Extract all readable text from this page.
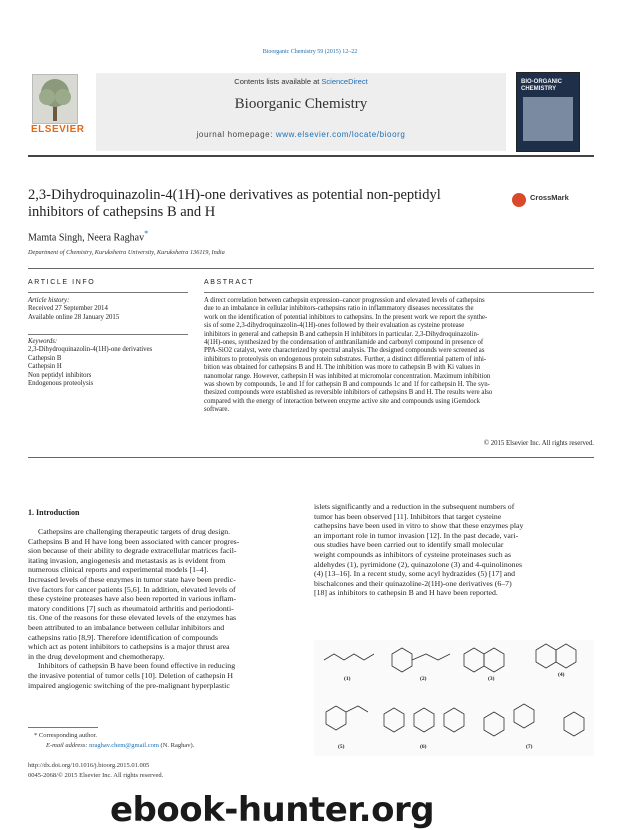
Bioorganic Chemistry 59 (2015) 12–22
ELSEVIER
Contents lists available at ScienceDirect
Bioorganic Chemistry
journal homepage: www.elsevier.com/locate/bioorg
BIO-ORGANIC CHEMISTRY
2,3-Dihydroquinazolin-4(1H)-one derivatives as potential non-peptidyl
inhibitors of cathepsins B and H
CrossMark
Mamta Singh, Neera Raghav*
Department of Chemistry, Kurukshetra University, Kurukshetra 136119, India
ARTICLE INFO
Article history:
Received 27 September 2014
Available online 28 January 2015
Keywords:
2,3-Dihydroquinazolin-4(1H)-one derivatives
Cathepsin B
Cathepsin H
Non peptidyl inhibitors
Endogenous proteolysis
ABSTRACT
A direct correlation between cathepsin expression–cancer progression and elevated levels of cathepsins
due to an imbalance in cellular inhibitors-cathepsins ratio in inflammatory diseases necessitates the
work on the identification of potential inhibitors to cathepsins. In the present work we report the synthe-
sis of some 2,3-dihydroquinazolin-4(1H)-ones followed by their evaluation as cysteine protease
inhibitors in general and cathepsin B and cathepsin H inhibitors in particular. 2,3-Dihydroquinazolin-
4(1H)-ones, synthesized by the condensation of anthranilamide and carbonyl compound in presence of
PPA-SiO2 catalyst, were characterized by spectral analysis. The designed compounds were screened as
inhibitors to proteolysis on endogenous protein substrates. Further, a distinct differential pattern of inhi-
bition was obtained for cathepsins B and H. The inhibition was more to cathepsin B with Ki values in
nanomolar range. However, cathepsin H was inhibited at micromolar concentration. Maximum inhibition
was shown by compounds, 1e and 1f for cathepsin B and compounds 1c and 1f for cathepsin H. The syn-
thesized compounds were established as reversible inhibitors of cathepsins B and H. The results were also
compared with the energy of interaction between enzyme active site and compounds using iGemdock
software.
© 2015 Elsevier Inc. All rights reserved.
1. Introduction
Cathepsins are challenging therapeutic targets of drug design.
Cathepsins B and H have long been associated with cancer progres-
sion because of their ability to degrade extracellular matrices facil-
itating invasion, angiogenesis and metastasis as is evident from
numerous clinical reports and experimental models [1–4].
Increased levels of these enzymes in tumor state have been predic-
tive factors for cancer patients [5,6]. In addition, elevated levels of
these cysteine proteases have also been reported in various inflam-
matory conditions [7] such as rheumatoid arthritis and periodonti-
tis. One of the reasons for these elevated levels of the enzymes has
been attributed to an imbalance between cellular inhibitors and
cathepsins ratio [8,9]. Therefore identification of compounds
which act as potent inhibitors to cathepsins is a major thrust area
in the drug development and chemotherapy.
Inhibitors of cathepsin B have been found effective in reducing
the invasive potential of tumor cells [10]. Deletion of cathepsin H
impaired angiogenic switching of the pre-malignant hyperplastic
islets significantly and a reduction in the subsequent numbers of
tumor has been observed [11]. Inhibitors that target cysteine
cathepsins have been used in vitro to show that these enzymes play
an important role in tumor invasion [12]. In the past decade, vari-
ous studies have been carried out to identify small molecular
weight compounds as inhibitors of cysteine proteinases such as
aldehydes (1), pyrimidone (2), quinazolone (3) and 4-quinolinones
(4) [13–16]. In a recent study, some acyl hydrazides (5) [17] and
bischalcones and their quinazoline-2(1H)-one derivatives (6–7)
[18] as inhibitors to cathepsin B and H have been reported.
(1)	(2)	(3)
(4)
(5)	(6)	(7)
* Corresponding author.
E-mail address: nraghav.chem@gmail.com (N. Raghav).
http://dx.doi.org/10.1016/j.bioorg.2015.01.005
0045-2068/© 2015 Elsevier Inc. All rights reserved.
ebook-hunter.org
